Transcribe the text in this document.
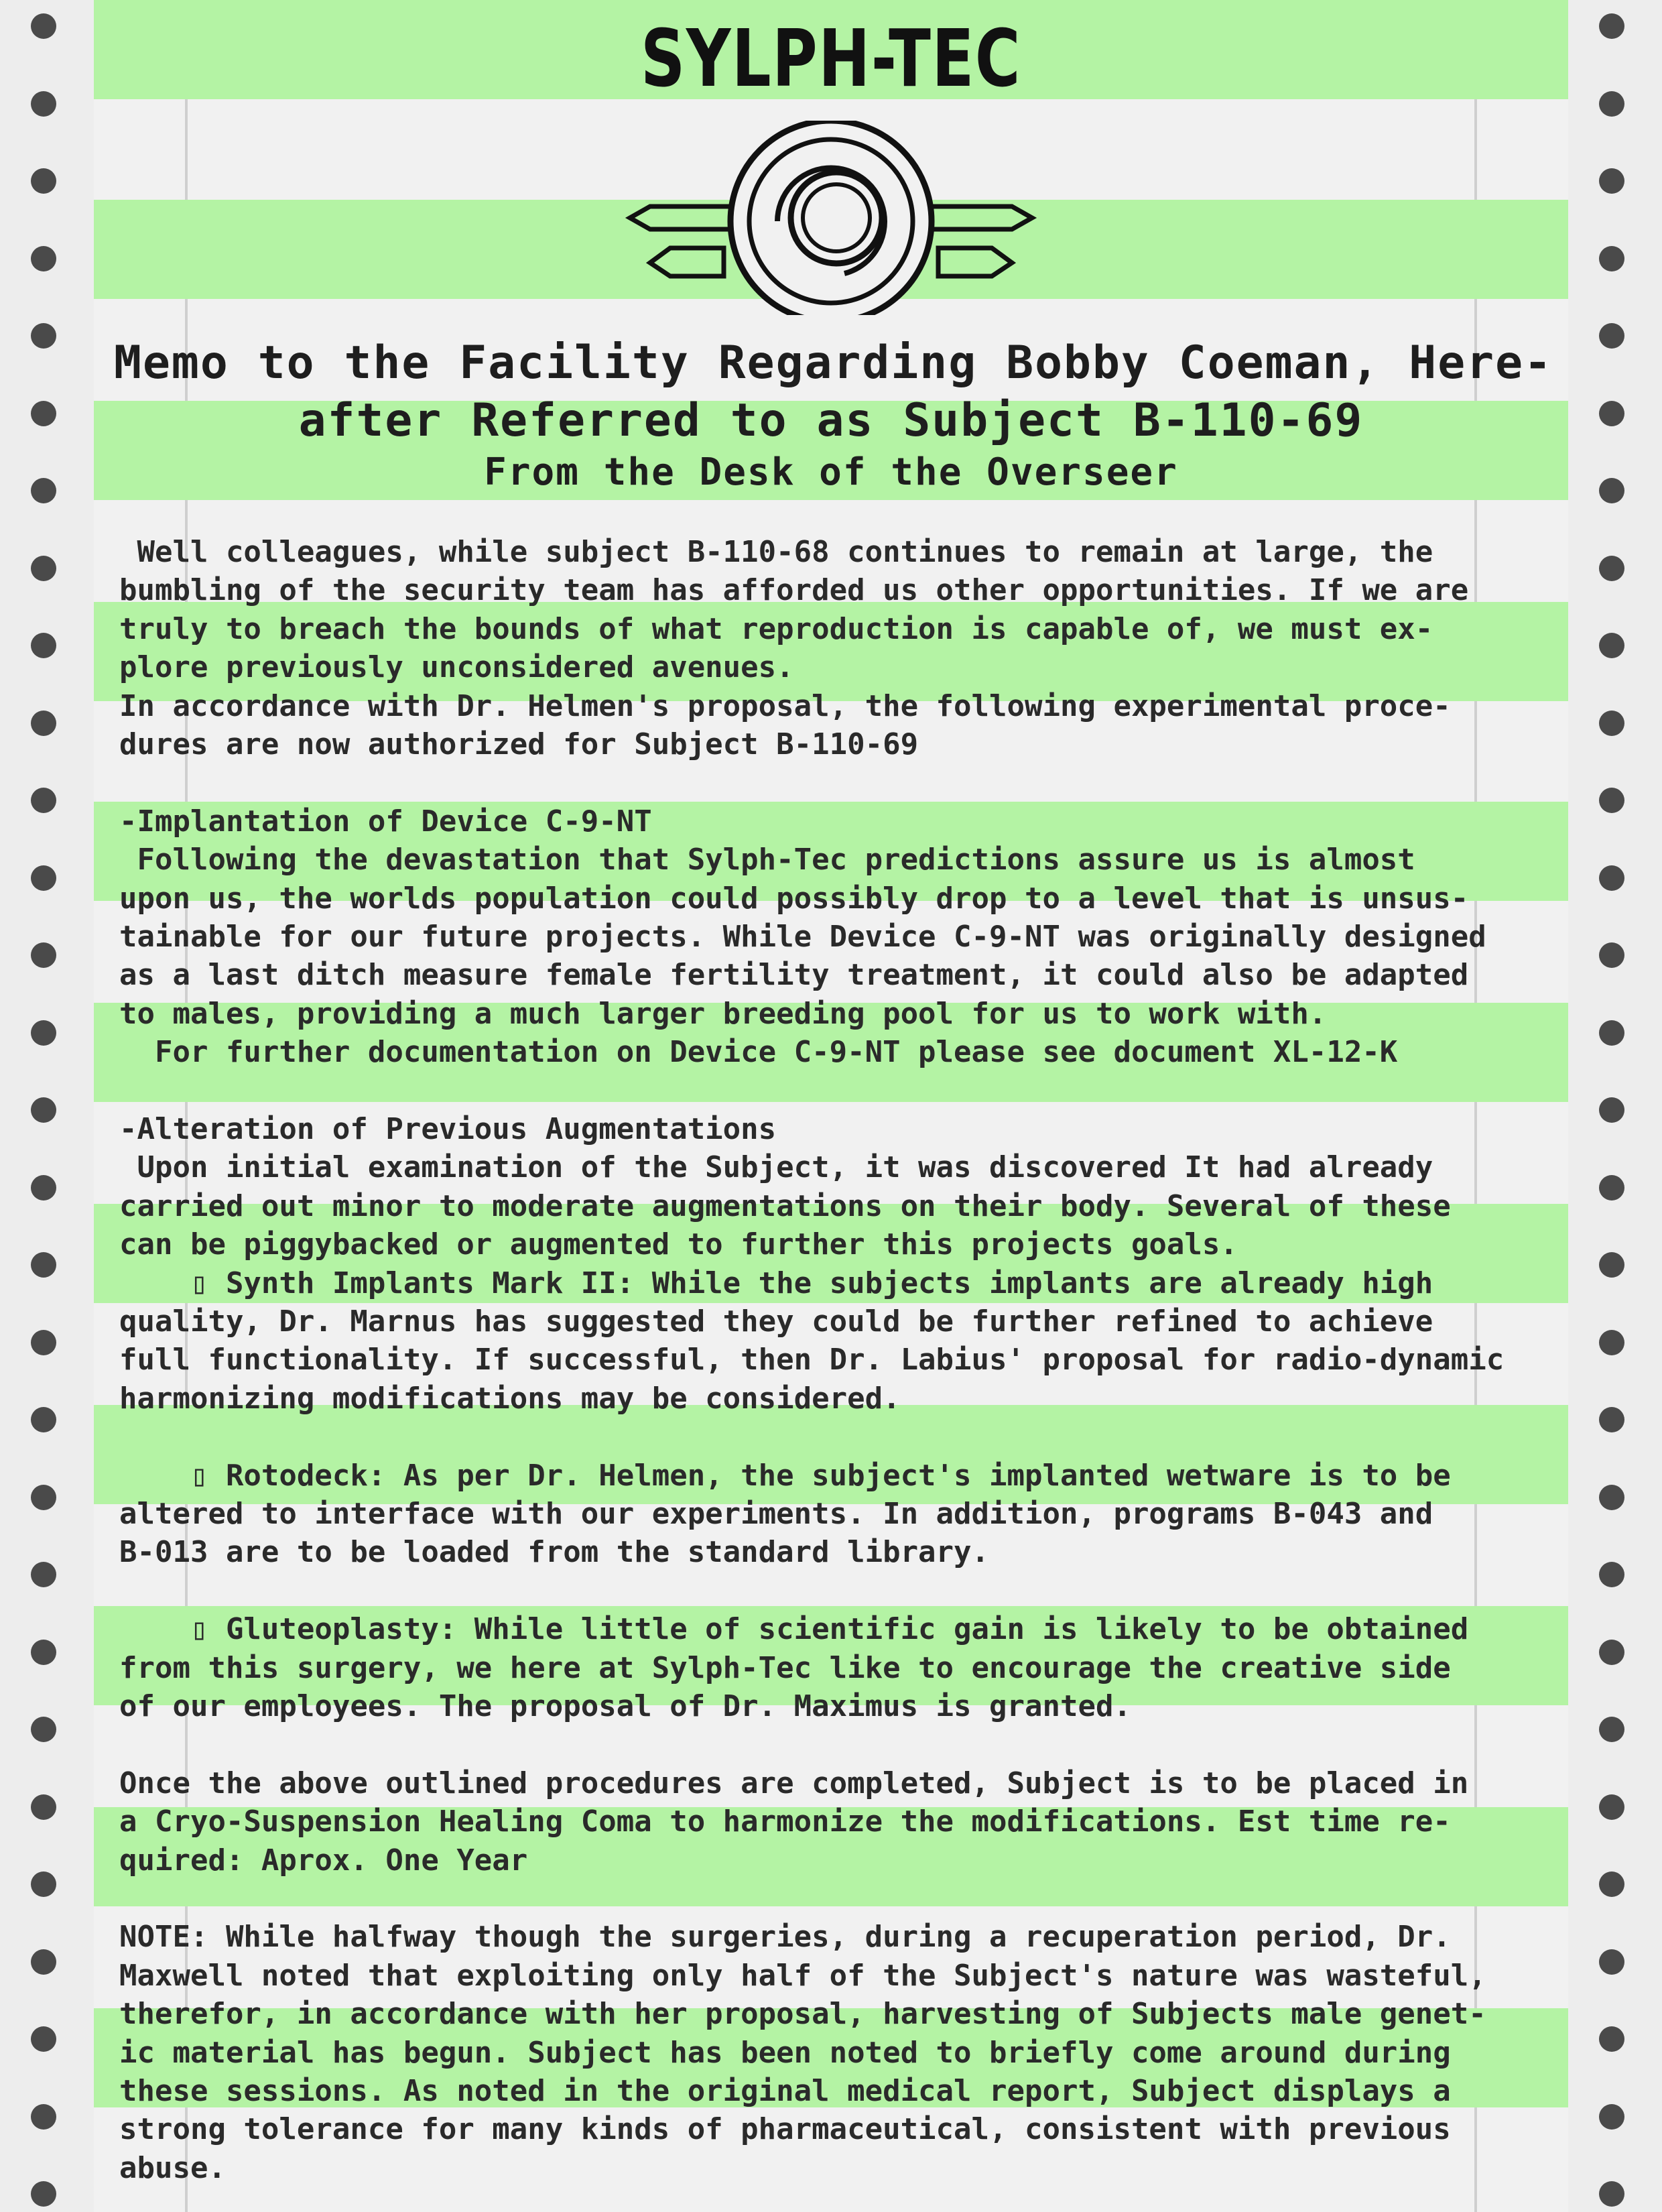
SYLPH-TEC
Memo to the Facility Regarding Bobby Coeman, Here-
after Referred to as Subject B-110-69
From the Desk of the Overseer
Well colleagues, while subject B-110-68 continues to remain at large, the
bumbling of the security team has afforded us other opportunities. If we are
truly to breach the bounds of what reproduction is capable of, we must ex-
plore previously unconsidered avenues.
In accordance with Dr. Helmen's proposal, the following experimental proce-
dures are now authorized for Subject B-110-69
-Implantation of Device C-9-NT
Following the devastation that Sylph-Tec predictions assure us is almost
upon us, the worlds population could possibly drop to a level that is unsus-
tainable for our future projects. While Device C-9-NT was originally designed
as a last ditch measure female fertility treatment, it could also be adapted
to males, providing a much larger breeding pool for us to work with.
For further documentation on Device C-9-NT please see document XL-12-K
-Alteration of Previous Augmentations
Upon initial examination of the Subject, it was discovered It had already
carried out minor to moderate augmentations on their body. Several of these
can be piggybacked or augmented to further this projects goals.
▯ Synth Implants Mark II: While the subjects implants are already high
quality, Dr. Marnus has suggested they could be further refined to achieve
full functionality. If successful, then Dr. Labius' proposal for radio-dynamic
harmonizing modifications may be considered.
▯ Rotodeck: As per Dr. Helmen, the subject's implanted wetware is to be
altered to interface with our experiments. In addition, programs B-043 and
B-013 are to be loaded from the standard library.
▯ Gluteoplasty: While little of scientific gain is likely to be obtained
from this surgery, we here at Sylph-Tec like to encourage the creative side
of our employees. The proposal of Dr. Maximus is granted.
Once the above outlined procedures are completed, Subject is to be placed in
a Cryo-Suspension Healing Coma to harmonize the modifications. Est time re-
quired: Aprox. One Year
NOTE: While halfway though the surgeries, during a recuperation period, Dr.
Maxwell noted that exploiting only half of the Subject's nature was wasteful,
therefor, in accordance with her proposal, harvesting of Subjects male genet-
ic material has begun. Subject has been noted to briefly come around during
these sessions. As noted in the original medical report, Subject displays a
strong tolerance for many kinds of pharmaceutical, consistent with previous
abuse.
